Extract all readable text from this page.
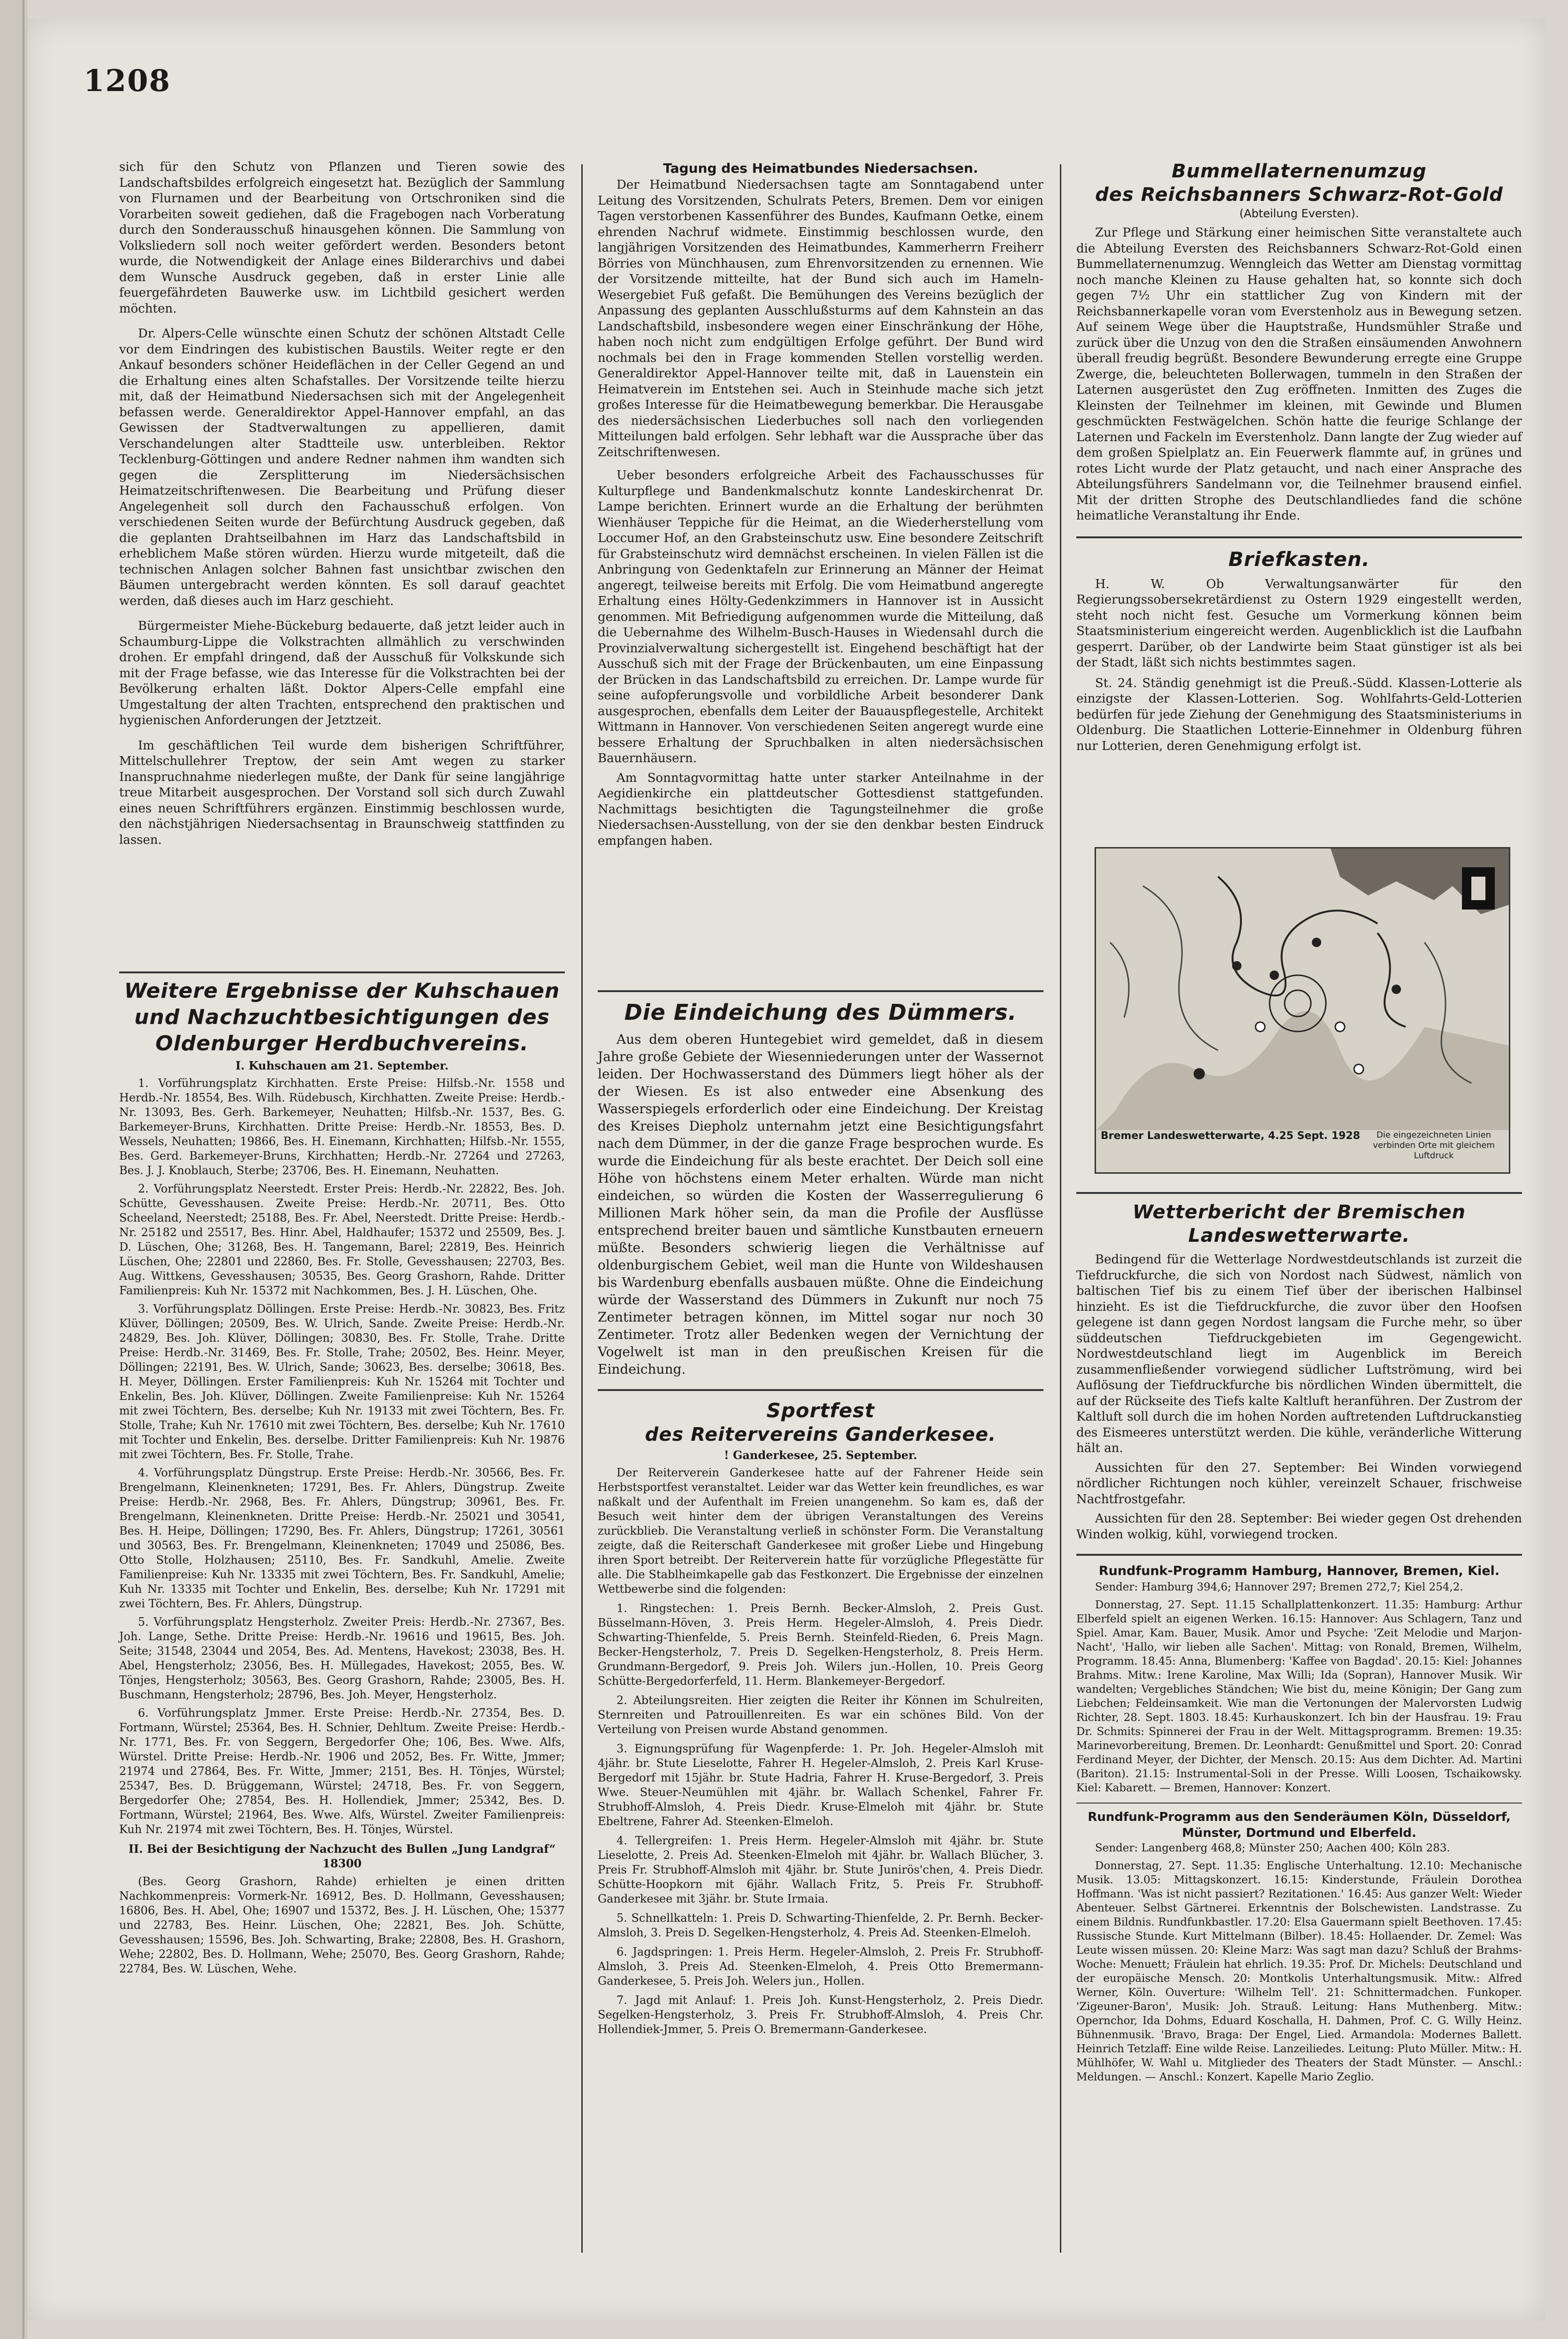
1208

sich für den Schutz von Pflanzen und Tieren sowie des Landschaftsbildes erfolgreich eingesetzt hat. Bezüglich der Sammlung von Flurnamen und der Bearbeitung von Ortschroniken sind die Vorarbeiten soweit gediehen, daß die Fragebogen nach Vorberatung durch den Sonderausschuß hinausgehen können. Die Sammlung von Volksliedern soll noch weiter gefördert werden. Besonders betont wurde, die Notwendigkeit der Anlage eines Bilderarchivs und dabei dem Wunsche Ausdruck gegeben, daß in erster Linie alle feuergefährdeten Bauwerke usw. im Lichtbild gesichert werden möchten.

Dr. Alpers-Celle wünschte einen Schutz der schönen Altstadt Celle vor dem Eindringen des kubistischen Baustils. Weiter regte er den Ankauf besonders schöner Heideflächen in der Celler Gegend an und die Erhaltung eines alten Schafstalles. Der Vorsitzende teilte hierzu mit, daß der Heimatbund Niedersachsen sich mit der Angelegenheit befassen werde. Generaldirektor Appel-Hannover empfahl, an das Gewissen der Stadtverwaltungen zu appellieren, damit Verschandelungen alter Stadtteile usw. unterbleiben. Rektor Tecklenburg-Göttingen und andere Redner nahmen ihm wandten sich gegen die Zersplitterung im Niedersächsischen Heimatzeitschriftenwesen. Die Bearbeitung und Prüfung dieser Angelegenheit soll durch den Fachausschuß erfolgen. Von verschiedenen Seiten wurde der Befürchtung Ausdruck gegeben, daß die geplanten Drahtseilbahnen im Harz das Landschaftsbild in erheblichem Maße stören würden. Hierzu wurde mitgeteilt, daß die technischen Anlagen solcher Bahnen fast unsichtbar zwischen den Bäumen untergebracht werden könnten. Es soll darauf geachtet werden, daß dieses auch im Harz geschieht.

Bürgermeister Miehe-Bückeburg bedauerte, daß jetzt leider auch in Schaumburg-Lippe die Volkstrachten allmählich zu verschwinden drohen. Er empfahl dringend, daß der Ausschuß für Volkskunde sich mit der Frage befasse, wie das Interesse für die Volkstrachten bei der Bevölkerung erhalten läßt. Doktor Alpers-Celle empfahl eine Umgestaltung der alten Trachten, entsprechend den praktischen und hygienischen Anforderungen der Jetztzeit.

Im geschäftlichen Teil wurde dem bisherigen Schriftführer, Mittelschullehrer Treptow, der sein Amt wegen zu starker Inanspruchnahme niederlegen mußte, der Dank für seine langjährige treue Mitarbeit ausgesprochen. Der Vorstand soll sich durch Zuwahl eines neuen Schriftführers ergänzen. Einstimmig beschlossen wurde, den nächstjährigen Niedersachsentag in Braunschweig stattfinden zu lassen.

Weitere Ergebnisse der Kuhschauen und Nachzuchtbesichtigungen des Oldenburger Herdbuchvereins.
I. Kuhschauen am 21. September.

1. Vorführungsplatz Kirchhatten. Erste Preise: Hilfsb.-Nr. 1558 und Herdb.-Nr. 18554, Bes. Wilh. Rüdebusch, Kirchhatten. Zweite Preise: Herdb.-Nr. 13093, Bes. Gerh. Barkemeyer, Neuhatten; Hilfsb.-Nr. 1537, Bes. G. Barkemeyer-Bruns, Kirchhatten. Dritte Preise: Herdb.-Nr. 18553, Bes. D. Wessels, Neuhatten; 19866, Bes. H. Einemann, Kirchhatten; Hilfsb.-Nr. 1555, Bes. Gerd. Barkemeyer-Bruns, Kirchhatten; Herdb.-Nr. 27264 und 27263, Bes. J. J. Knoblauch, Sterbe; 23706, Bes. H. Einemann, Neuhatten.

2. Vorführungsplatz Neerstedt. Erster Preis: Herdb.-Nr. 22822, Bes. Joh. Schütte, Gevesshausen. Zweite Preise: Herdb.-Nr. 20711, Bes. Otto Scheeland, Neerstedt; 25188, Bes. Fr. Abel, Neerstedt. Dritte Preise: Herdb.-Nr. 25182 und 25517, Bes. Hinr. Abel, Haldhaufer; 15372 und 25509, Bes. J. D. Lüschen, Ohe; 31268, Bes. H. Tangemann, Barel; 22819, Bes. Heinrich Lüschen, Ohe; 22801 und 22860, Bes. Fr. Stolle, Gevesshausen; 22703, Bes. Aug. Wittkens, Gevesshausen; 30535, Bes. Georg Grashorn, Rahde. Dritter Familienpreis: Kuh Nr. 15372 mit Nachkommen, Bes. J. H. Lüschen, Ohe.

3. Vorführungsplatz Döllingen. Erste Preise: Herdb.-Nr. 30823, Bes. Fritz Klüver, Döllingen; 20509, Bes. W. Ulrich, Sande. Zweite Preise: Herdb.-Nr. 24829, Bes. Joh. Klüver, Döllingen; 30830, Bes. Fr. Stolle, Trahe. Dritte Preise: Herdb.-Nr. 31469, Bes. Fr. Stolle, Trahe; 20502, Bes. Heinr. Meyer, Döllingen; 22191, Bes. W. Ulrich, Sande; 30623, Bes. derselbe; 30618, Bes. H. Meyer, Döllingen. Erster Familienpreis: Kuh Nr. 15264 mit Tochter und Enkelin, Bes. Joh. Klüver, Döllingen. Zweite Familienpreise: Kuh Nr. 15264 mit zwei Töchtern, Bes. derselbe; Kuh Nr. 19133 mit zwei Töchtern, Bes. Fr. Stolle, Trahe; Kuh Nr. 17610 mit zwei Töchtern, Bes. derselbe; Kuh Nr. 17610 mit Tochter und Enkelin, Bes. derselbe. Dritter Familienpreis: Kuh Nr. 19876 mit zwei Töchtern, Bes. Fr. Stolle, Trahe.

4. Vorführungsplatz Düngstrup. Erste Preise: Herdb.-Nr. 30566, Bes. Fr. Brengelmann, Kleinenkneten; 17291, Bes. Fr. Ahlers, Düngstrup. Zweite Preise: Herdb.-Nr. 2968, Bes. Fr. Ahlers, Düngstrup; 30961, Bes. Fr. Brengelmann, Kleinenkneten. Dritte Preise: Herdb.-Nr. 25021 und 30541, Bes. H. Heipe, Döllingen; 17290, Bes. Fr. Ahlers, Düngstrup; 17261, 30561 und 30563, Bes. Fr. Brengelmann, Kleinenkneten; 17049 und 25086, Bes. Otto Stolle, Holzhausen; 25110, Bes. Fr. Sandkuhl, Amelie. Zweite Familienpreise: Kuh Nr. 13335 mit zwei Töchtern, Bes. Fr. Sandkuhl, Amelie; Kuh Nr. 13335 mit Tochter und Enkelin, Bes. derselbe; Kuh Nr. 17291 mit zwei Töchtern, Bes. Fr. Ahlers, Düngstrup.

5. Vorführungsplatz Hengsterholz. Zweiter Preis: Herdb.-Nr. 27367, Bes. Joh. Lange, Sethe. Dritte Preise: Herdb.-Nr. 19616 und 19615, Bes. Joh. Seite; 31548, 23044 und 2054, Bes. Ad. Mentens, Havekost; 23038, Bes. H. Abel, Hengsterholz; 23056, Bes. H. Müllegades, Havekost; 2055, Bes. W. Tönjes, Hengsterholz; 30563, Bes. Georg Grashorn, Rahde; 23005, Bes. H. Buschmann, Hengsterholz; 28796, Bes. Joh. Meyer, Hengsterholz.

6. Vorführungsplatz Jmmer. Erste Preise: Herdb.-Nr. 27354, Bes. D. Fortmann, Würstel; 25364, Bes. H. Schnier, Dehltum. Zweite Preise: Herdb.-Nr. 1771, Bes. Fr. von Seggern, Bergedorfer Ohe; 106, Bes. Wwe. Alfs, Würstel. Dritte Preise: Herdb.-Nr. 1906 und 2052, Bes. Fr. Witte, Jmmer; 21974 und 27864, Bes. Fr. Witte, Jmmer; 2151, Bes. H. Tönjes, Würstel; 25347, Bes. D. Brüggemann, Würstel; 24718, Bes. Fr. von Seggern, Bergedorfer Ohe; 27854, Bes. H. Hollendiek, Jmmer; 25342, Bes. D. Fortmann, Würstel; 21964, Bes. Wwe. Alfs, Würstel. Zweiter Familienpreis: Kuh Nr. 21974 mit zwei Töchtern, Bes. H. Tönjes, Würstel.

II. Bei der Besichtigung der Nachzucht des Bullen „Jung Landgraf“ 18300

(Bes. Georg Grashorn, Rahde) erhielten je einen dritten Nachkommenpreis: Vormerk-Nr. 16912, Bes. D. Hollmann, Gevesshausen; 16806, Bes. H. Abel, Ohe; 16907 und 15372, Bes. J. H. Lüschen, Ohe; 15377 und 22783, Bes. Heinr. Lüschen, Ohe; 22821, Bes. Joh. Schütte, Gevesshausen; 15596, Bes. Joh. Schwarting, Brake; 22808, Bes. H. Grashorn, Wehe; 22802, Bes. D. Hollmann, Wehe; 25070, Bes. Georg Grashorn, Rahde; 22784, Bes. W. Lüschen, Wehe.

Tagung des Heimatbundes Niedersachsen.

Der Heimatbund Niedersachsen tagte am Sonntagabend unter Leitung des Vorsitzenden, Schulrats Peters, Bremen. Dem vor einigen Tagen verstorbenen Kassenführer des Bundes, Kaufmann Oetke, einem ehrenden Nachruf widmete. Einstimmig beschlossen wurde, den langjährigen Vorsitzenden des Heimatbundes, Kammerherrn Freiherr Börries von Münchhausen, zum Ehrenvorsitzenden zu ernennen. Wie der Vorsitzende mitteilte, hat der Bund sich auch im Hameln-Wesergebiet Fuß gefaßt. Die Bemühungen des Vereins bezüglich der Anpassung des geplanten Ausschlußsturms auf dem Kahnstein an das Landschaftsbild, insbesondere wegen einer Einschränkung der Höhe, haben noch nicht zum endgültigen Erfolge geführt. Der Bund wird nochmals bei den in Frage kommenden Stellen vorstellig werden. Generaldirektor Appel-Hannover teilte mit, daß in Lauenstein ein Heimatverein im Entstehen sei. Auch in Steinhude mache sich jetzt großes Interesse für die Heimatbewegung bemerkbar. Die Herausgabe des niedersächsischen Liederbuches soll nach den vorliegenden Mitteilungen bald erfolgen. Sehr lebhaft war die Aussprache über das Zeitschriftenwesen.

Ueber besonders erfolgreiche Arbeit des Fachausschusses für Kulturpflege und Bandenkmalschutz konnte Landeskirchenrat Dr. Lampe berichten. Erinnert wurde an die Erhaltung der berühmten Wienhäuser Teppiche für die Heimat, an die Wiederherstellung vom Loccumer Hof, an den Grabsteinschutz usw. Eine besondere Zeitschrift für Grabsteinschutz wird demnächst erscheinen. In vielen Fällen ist die Anbringung von Gedenktafeln zur Erinnerung an Männer der Heimat angeregt, teilweise bereits mit Erfolg. Die vom Heimatbund angeregte Erhaltung eines Hölty-Gedenkzimmers in Hannover ist in Aussicht genommen. Mit Befriedigung aufgenommen wurde die Mitteilung, daß die Uebernahme des Wilhelm-Busch-Hauses in Wiedensahl durch die Provinzialverwaltung sichergestellt ist. Eingehend beschäftigt hat der Ausschuß sich mit der Frage der Brückenbauten, um eine Einpassung der Brücken in das Landschaftsbild zu erreichen. Dr. Lampe wurde für seine aufopferungsvolle und vorbildliche Arbeit besonderer Dank ausgesprochen, ebenfalls dem Leiter der Bauauspflegestelle, Architekt Wittmann in Hannover. Von verschiedenen Seiten angeregt wurde eine bessere Erhaltung der Spruchbalken in alten niedersächsischen Bauernhäusern.

Am Sonntagvormittag hatte unter starker Anteilnahme in der Aegidienkirche ein plattdeutscher Gottesdienst stattgefunden. Nachmittags besichtigten die Tagungsteilnehmer die große Niedersachsen-Ausstellung, von der sie den denkbar besten Eindruck empfangen haben.

Die Eindeichung des Dümmers.

Aus dem oberen Huntegebiet wird gemeldet, daß in diesem Jahre große Gebiete der Wiesenniederungen unter der Wassernot leiden. Der Hochwasserstand des Dümmers liegt höher als der der Wiesen. Es ist also entweder eine Absenkung des Wasserspiegels erforderlich oder eine Eindeichung. Der Kreistag des Kreises Diepholz unternahm jetzt eine Besichtigungsfahrt nach dem Dümmer, in der die ganze Frage besprochen wurde. Es wurde die Eindeichung für als beste erachtet. Der Deich soll eine Höhe von höchstens einem Meter erhalten. Würde man nicht eindeichen, so würden die Kosten der Wasserregulierung 6 Millionen Mark höher sein, da man die Profile der Ausflüsse entsprechend breiter bauen und sämtliche Kunstbauten erneuern müßte. Besonders schwierig liegen die Verhältnisse auf oldenburgischem Gebiet, weil man die Hunte von Wildeshausen bis Wardenburg ebenfalls ausbauen müßte. Ohne die Eindeichung würde der Wasserstand des Dümmers in Zukunft nur noch 75 Zentimeter betragen können, im Mittel sogar nur noch 30 Zentimeter. Trotz aller Bedenken wegen der Vernichtung der Vogelwelt ist man in den preußischen Kreisen für die Eindeichung.

Sportfest
des Reitervereins Ganderkesee.
! Ganderkesee, 25. September.

Der Reiterverein Ganderkesee hatte auf der Fahrener Heide sein Herbstsportfest veranstaltet. Leider war das Wetter kein freundliches, es war naßkalt und der Aufenthalt im Freien unangenehm. So kam es, daß der Besuch weit hinter dem der übrigen Veranstaltungen des Vereins zurückblieb. Die Veranstaltung verließ in schönster Form. Die Veranstaltung zeigte, daß die Reiterschaft Ganderkesee mit großer Liebe und Hingebung ihren Sport betreibt. Der Reiterverein hatte für vorzügliche Pflegestätte für alle. Die Stablheimkapelle gab das Festkonzert. Die Ergebnisse der einzelnen Wettbewerbe sind die folgenden:

1. Ringstechen: 1. Preis Bernh. Becker-Almsloh, 2. Preis Gust. Büsselmann-Höven, 3. Preis Herm. Hegeler-Almsloh, 4. Preis Diedr. Schwarting-Thienfelde, 5. Preis Bernh. Steinfeld-Rieden, 6. Preis Magn. Becker-Hengsterholz, 7. Preis D. Segelken-Hengsterholz, 8. Preis Herm. Grundmann-Bergedorf, 9. Preis Joh. Wilers jun.-Hollen, 10. Preis Georg Schütte-Bergedorferfeld, 11. Herm. Blankemeyer-Bergedorf.

2. Abteilungsreiten. Hier zeigten die Reiter ihr Können im Schulreiten, Sternreiten und Patrouillenreiten. Es war ein schönes Bild. Von der Verteilung von Preisen wurde Abstand genommen.

3. Eignungsprüfung für Wagenpferde: 1. Pr. Joh. Hegeler-Almsloh mit 4jähr. br. Stute Lieselotte, Fahrer H. Hegeler-Almsloh, 2. Preis Karl Kruse-Bergedorf mit 15jähr. br. Stute Hadria, Fahrer H. Kruse-Bergedorf, 3. Preis Wwe. Steuer-Neumühlen mit 4jähr. br. Wallach Schenkel, Fahrer Fr. Strubhoff-Almsloh, 4. Preis Diedr. Kruse-Elmeloh mit 4jähr. br. Stute Ebeltrene, Fahrer Ad. Steenken-Elmeloh.

4. Tellergreifen: 1. Preis Herm. Hegeler-Almsloh mit 4jähr. br. Stute Lieselotte, 2. Preis Ad. Steenken-Elmeloh mit 4jähr. br. Wallach Blücher, 3. Preis Fr. Strubhoff-Almsloh mit 4jähr. br. Stute Junirös'chen, 4. Preis Diedr. Schütte-Hoopkorn mit 6jähr. Wallach Fritz, 5. Preis Fr. Strubhoff-Ganderkesee mit 3jähr. br. Stute Irmaia.

5. Schnellkatteln: 1. Preis D. Schwarting-Thienfelde, 2. Pr. Bernh. Becker-Almsloh, 3. Preis D. Segelken-Hengsterholz, 4. Preis Ad. Steenken-Elmeloh.

6. Jagdspringen: 1. Preis Herm. Hegeler-Almsloh, 2. Preis Fr. Strubhoff-Almsloh, 3. Preis Ad. Steenken-Elmeloh, 4. Preis Otto Bremermann-Ganderkesee, 5. Preis Joh. Welers jun., Hollen.

7. Jagd mit Anlauf: 1. Preis Joh. Kunst-Hengsterholz, 2. Preis Diedr. Segelken-Hengsterholz, 3. Preis Fr. Strubhoff-Almsloh, 4. Preis Chr. Hollendiek-Jmmer, 5. Preis O. Bremermann-Ganderkesee.

Bummellaternenumzug
des Reichsbanners Schwarz-Rot-Gold
(Abteilung Eversten).

Zur Pflege und Stärkung einer heimischen Sitte veranstaltete auch die Abteilung Eversten des Reichsbanners Schwarz-Rot-Gold einen Bummellaternenumzug. Wenngleich das Wetter am Dienstag vormittag noch manche Kleinen zu Hause gehalten hat, so konnte sich doch gegen 7½ Uhr ein stattlicher Zug von Kindern mit der Reichsbannerkapelle voran vom Everstenholz aus in Bewegung setzen. Auf seinem Wege über die Hauptstraße, Hundsmühler Straße und zurück über die Unzug von den die Straßen einsäumenden Anwohnern überall freudig begrüßt. Besondere Bewunderung erregte eine Gruppe Zwerge, die, beleuchteten Bollerwagen, tummeln in den Straßen der Laternen ausgerüstet den Zug eröffneten. Inmitten des Zuges die Kleinsten der Teilnehmer im kleinen, mit Gewinde und Blumen geschmückten Festwägelchen. Schön hatte die feurige Schlange der Laternen und Fackeln im Everstenholz. Dann langte der Zug wieder auf dem großen Spielplatz an. Ein Feuerwerk flammte auf, in grünes und rotes Licht wurde der Platz getaucht, und nach einer Ansprache des Abteilungsführers Sandelmann vor, die Teilnehmer brausend einfiel. Mit der dritten Strophe des Deutschlandliedes fand die schöne heimatliche Veranstaltung ihr Ende.

Briefkasten.

H. W. Ob Verwaltungsanwärter für den Regierungssobersekretärdienst zu Ostern 1929 eingestellt werden, steht noch nicht fest. Gesuche um Vormerkung können beim Staatsministerium eingereicht werden. Augenblicklich ist die Laufbahn gesperrt. Darüber, ob der Landwirte beim Staat günstiger ist als bei der Stadt, läßt sich nichts bestimmtes sagen.

St. 24. Ständig genehmigt ist die Preuß.-Südd. Klassen-Lotterie als einzigste der Klassen-Lotterien. Sog. Wohlfahrts-Geld-Lotterien bedürfen für jede Ziehung der Genehmigung des Staatsministeriums in Oldenburg. Die Staatlichen Lotterie-Einnehmer in Oldenburg führen nur Lotterien, deren Genehmigung erfolgt ist.

Bremer Landeswetterwarte, 4.25 Sept. 1928	Die eingezeichneten Linien verbinden Orte mit gleichem Luftdruck
Wetterbericht der Bremischen Landeswetterwarte.

Bedingend für die Wetterlage Nordwestdeutschlands ist zurzeit die Tiefdruckfurche, die sich von Nordost nach Südwest, nämlich von baltischen Tief bis zu einem Tief über der iberischen Halbinsel hinzieht. Es ist die Tiefdruckfurche, die zuvor über den Hoofsen gelegene ist dann gegen Nordost langsam die Furche mehr, so über süddeutschen Tiefdruckgebieten im Gegengewicht. Nordwestdeutschland liegt im Augenblick im Bereich zusammenfließender vorwiegend südlicher Luftströmung, wird bei Auflösung der Tiefdruckfurche bis nördlichen Winden übermittelt, die auf der Rückseite des Tiefs kalte Kaltluft heranführen. Der Zustrom der Kaltluft soll durch die im hohen Norden auftretenden Luftdruckanstieg des Eismeeres unterstützt werden. Die kühle, veränderliche Witterung hält an.

Aussichten für den 27. September: Bei Winden vorwiegend nördlicher Richtungen noch kühler, vereinzelt Schauer, frischweise Nachtfrostgefahr.

Aussichten für den 28. September: Bei wieder gegen Ost drehenden Winden wolkig, kühl, vorwiegend trocken.

Rundfunk-Programm Hamburg, Hannover, Bremen, Kiel.

Sender: Hamburg 394,6; Hannover 297; Bremen 272,7; Kiel 254,2.

Donnerstag, 27. Sept. 11.15 Schallplattenkonzert. 11.35: Hamburg: Arthur Elberfeld spielt an eigenen Werken. 16.15: Hannover: Aus Schlagern, Tanz und Spiel. Amar, Kam. Bauer, Musik. Amor und Psyche: 'Zeit Melodie und Marjon-Nacht', 'Hallo, wir lieben alle Sachen'. Mittag: von Ronald, Bremen, Wilhelm, Programm. 18.45: Anna, Blumenberg: 'Kaffee von Bagdad'. 20.15: Kiel: Johannes Brahms. Mitw.: Irene Karoline, Max Willi; Ida (Sopran), Hannover Musik. Wir wandelten; Vergebliches Ständchen; Wie bist du, meine Königin; Der Gang zum Liebchen; Feldeinsamkeit. Wie man die Vertonungen der Malervorsten Ludwig Richter, 28. Sept. 1803. 18.45: Kurhauskonzert. Ich bin der Hausfrau. 19: Frau Dr. Schmits: Spinnerei der Frau in der Welt. Mittagsprogramm. Bremen: 19.35: Marinevorbereitung, Bremen. Dr. Leonhardt: Genußmittel und Sport. 20: Conrad Ferdinand Meyer, der Dichter, der Mensch. 20.15: Aus dem Dichter. Ad. Martini (Bariton). 21.15: Instrumental-Soli in der Presse. Willi Loosen, Tschaikowsky. Kiel: Kabarett. — Bremen, Hannover: Konzert.

Rundfunk-Programm aus den Senderäumen Köln, Düsseldorf, Münster, Dortmund und Elberfeld.

Sender: Langenberg 468,8; Münster 250; Aachen 400; Köln 283.

Donnerstag, 27. Sept. 11.35: Englische Unterhaltung. 12.10: Mechanische Musik. 13.05: Mittagskonzert. 16.15: Kinderstunde, Fräulein Dorothea Hoffmann. 'Was ist nicht passiert? Rezitationen.' 16.45: Aus ganzer Welt: Wieder Abenteuer. Selbst Gärtnerei. Erkenntnis der Bolschewisten. Landstrasse. Zu einem Bildnis. Rundfunkbastler. 17.20: Elsa Gauermann spielt Beethoven. 17.45: Russische Stunde. Kurt Mittelmann (Bilber). 18.45: Hollaender. Dr. Zemel: Was Leute wissen müssen. 20: Kleine Marz: Was sagt man dazu? Schluß der Brahms-Woche: Menuett; Fräulein hat ehrlich. 19.35: Prof. Dr. Michels: Deutschland und der europäische Mensch. 20: Montkolis Unterhaltungsmusik. Mitw.: Alfred Werner, Köln. Ouverture: 'Wilhelm Tell'. 21: Schnittermadchen. Funkoper. 'Zigeuner-Baron', Musik: Joh. Strauß. Leitung: Hans Muthenberg. Mitw.: Opernchor, Ida Dohms, Eduard Koschalla, H. Dahmen, Prof. C. G. Willy Heinz. Bühnenmusik. 'Bravo, Braga: Der Engel, Lied. Armandola: Modernes Ballett. Heinrich Tetzlaff: Eine wilde Reise. Lanzeiliedes. Leitung: Pluto Müller. Mitw.: H. Mühlhöfer, W. Wahl u. Mitglieder des Theaters der Stadt Münster. — Anschl.: Meldungen. — Anschl.: Konzert. Kapelle Mario Zeglio.
